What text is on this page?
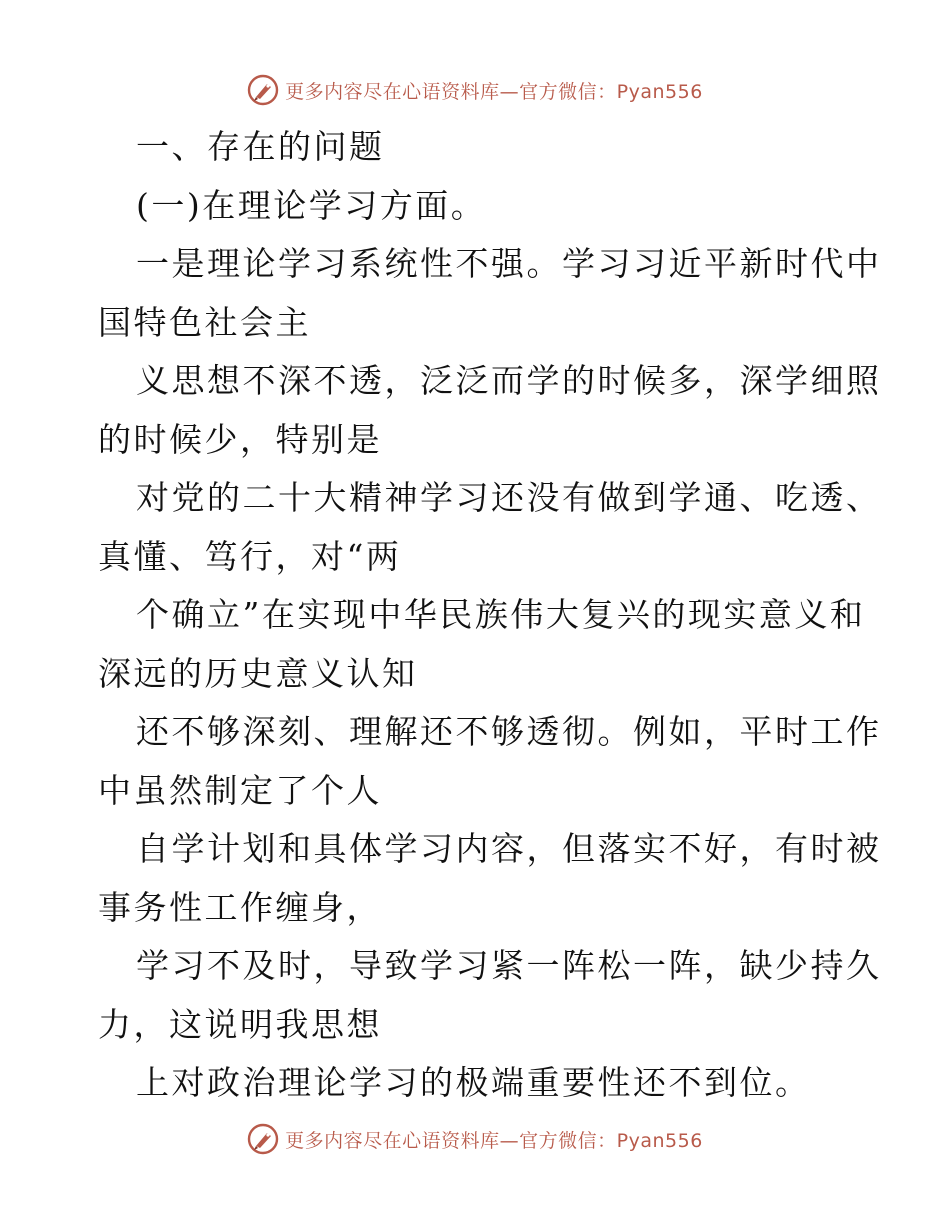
更多内容尽在心语资料库—官方微信：Pyan556
一、存在的问题
(一)在理论学习方面。
一是理论学习系统性不强。学习习近平新时代中
国特色社会主
义思想不深不透，泛泛而学的时候多，深学细照
的时候少，特别是
对党的二十大精神学习还没有做到学通、吃透、
真懂、笃行，对“两
个确立”在实现中华民族伟大复兴的现实意义和
深远的历史意义认知
还不够深刻、理解还不够透彻。例如，平时工作
中虽然制定了个人
自学计划和具体学习内容，但落实不好，有时被
事务性工作缠身，
学习不及时，导致学习紧一阵松一阵，缺少持久
力，这说明我思想
上对政治理论学习的极端重要性还不到位。
更多内容尽在心语资料库—官方微信：Pyan556
